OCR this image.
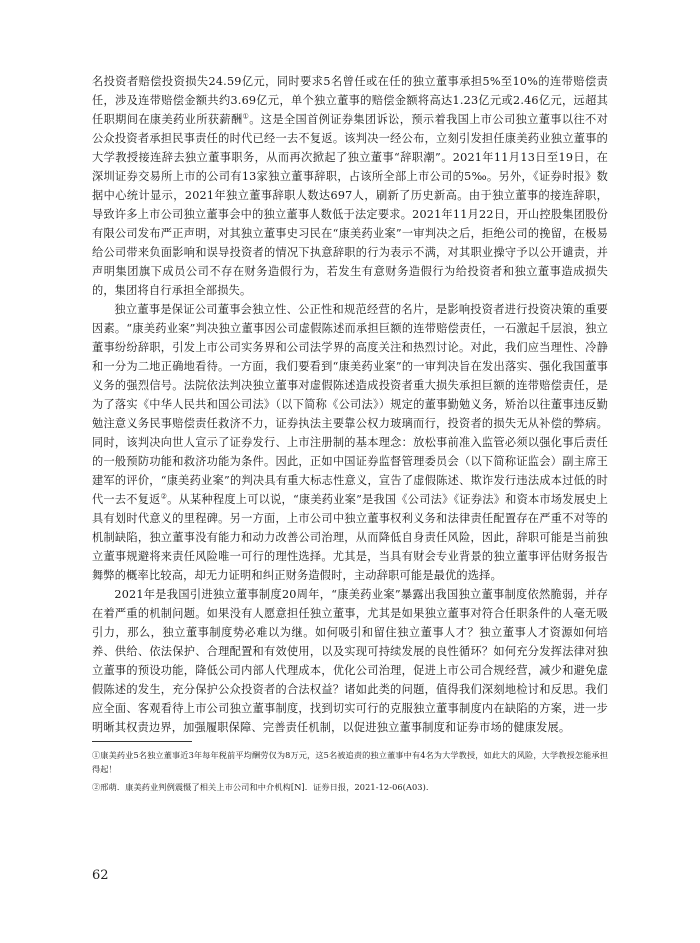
名投资者赔偿投资损失24.59亿元，同时要求5名曾任或在任的独立董事承担5%至10%的连带赔偿责任，涉及连带赔偿金额共约3.69亿元，单个独立董事的赔偿金额将高达1.23亿元或2.46亿元，远超其任职期间在康美药业所获薪酬①。这是全国首例证券集团诉讼，预示着我国上市公司独立董事以往不对公众投资者承担民事责任的时代已经一去不复返。该判决一经公布，立刻引发担任康美药业独立董事的大学教授接连辞去独立董事职务，从而再次掀起了独立董事“辞职潮”。2021年11月13日至19日，在深圳证券交易所上市的公司有13家独立董事辞职，占该所全部上市公司的5‰。另外，《证券时报》数据中心统计显示，2021年独立董事辞职人数达697人，刷新了历史新高。由于独立董事的接连辞职，导致许多上市公司独立董事会中的独立董事人数低于法定要求。2021年11月22日，开山控股集团股份有限公司发布严正声明，对其独立董事史习民在“康美药业案”一审判决之后，拒绝公司的挽留，在极易给公司带来负面影响和误导投资者的情况下执意辞职的行为表示不满，对其职业操守予以公开谴责，并声明集团旗下成员公司不存在财务造假行为，若发生有意财务造假行为给投资者和独立董事造成损失的，集团将自行承担全部损失。

独立董事是保证公司董事会独立性、公正性和规范经营的名片，是影响投资者进行投资决策的重要因素。“康美药业案”判决独立董事因公司虚假陈述而承担巨额的连带赔偿责任，一石激起千层浪，独立董事纷纷辞职，引发上市公司实务界和公司法学界的高度关注和热烈讨论。对此，我们应当理性、冷静和一分为二地正确地看待。一方面，我们要看到“康美药业案”的一审判决旨在发出落实、强化我国董事义务的强烈信号。法院依法判决独立董事对虚假陈述造成投资者重大损失承担巨额的连带赔偿责任，是为了落实《中华人民共和国公司法》（以下简称《公司法》）规定的董事勤勉义务，矫治以往董事违反勤勉注意义务民事赔偿责任救济不力，证券执法主要靠公权力玻璃而行，投资者的损失无从补偿的弊病。同时，该判决向世人宣示了证券发行、上市注册制的基本理念：放松事前准入监管必须以强化事后责任的一般预防功能和救济功能为条件。因此，正如中国证券监督管理委员会（以下简称证监会）副主席王建军的评价，“康美药业案”的判决具有重大标志性意义，宣告了虚假陈述、欺诈发行违法成本过低的时代一去不复返②。从某种程度上可以说，“康美药业案”是我国《公司法》《证券法》和资本市场发展史上具有划时代意义的里程碑。另一方面，上市公司中独立董事权利义务和法律责任配置存在严重不对等的机制缺陷，独立董事没有能力和动力改善公司治理，从而降低自身责任风险，因此，辞职可能是当前独立董事规避将来责任风险唯一可行的理性选择。尤其是，当具有财会专业背景的独立董事评估财务报告舞弊的概率比较高，却无力证明和纠正财务造假时，主动辞职可能是最优的选择。

2021年是我国引进独立董事制度20周年，“康美药业案”暴露出我国独立董事制度依然脆弱，并存在着严重的机制问题。如果没有人愿意担任独立董事，尤其是如果独立董事对符合任职条件的人毫无吸引力，那么，独立董事制度势必难以为继。如何吸引和留住独立董事人才？独立董事人才资源如何培养、供给、依法保护、合理配置和有效使用，以及实现可持续发展的良性循环？如何充分发挥法律对独立董事的预设功能，降低公司内部人代理成本，优化公司治理，促进上市公司合规经营，减少和避免虚假陈述的发生，充分保护公众投资者的合法权益？诸如此类的问题，值得我们深刻地检讨和反思。我们应全面、客观看待上市公司独立董事制度，找到切实可行的克服独立董事制度内在缺陷的方案，进一步明晰其权责边界，加强履职保障、完善责任机制，以促进独立董事制度和证券市场的健康发展。

①康美药业5名独立董事近3年每年税前平均酬劳仅为8万元，这5名被追责的独立董事中有4名为大学教授，如此大的风险，大学教授怎能承担得起！

②邢萌．康美药业判例震慑了相关上市公司和中介机构[N]．证券日报，2021-12-06(A03).

62
